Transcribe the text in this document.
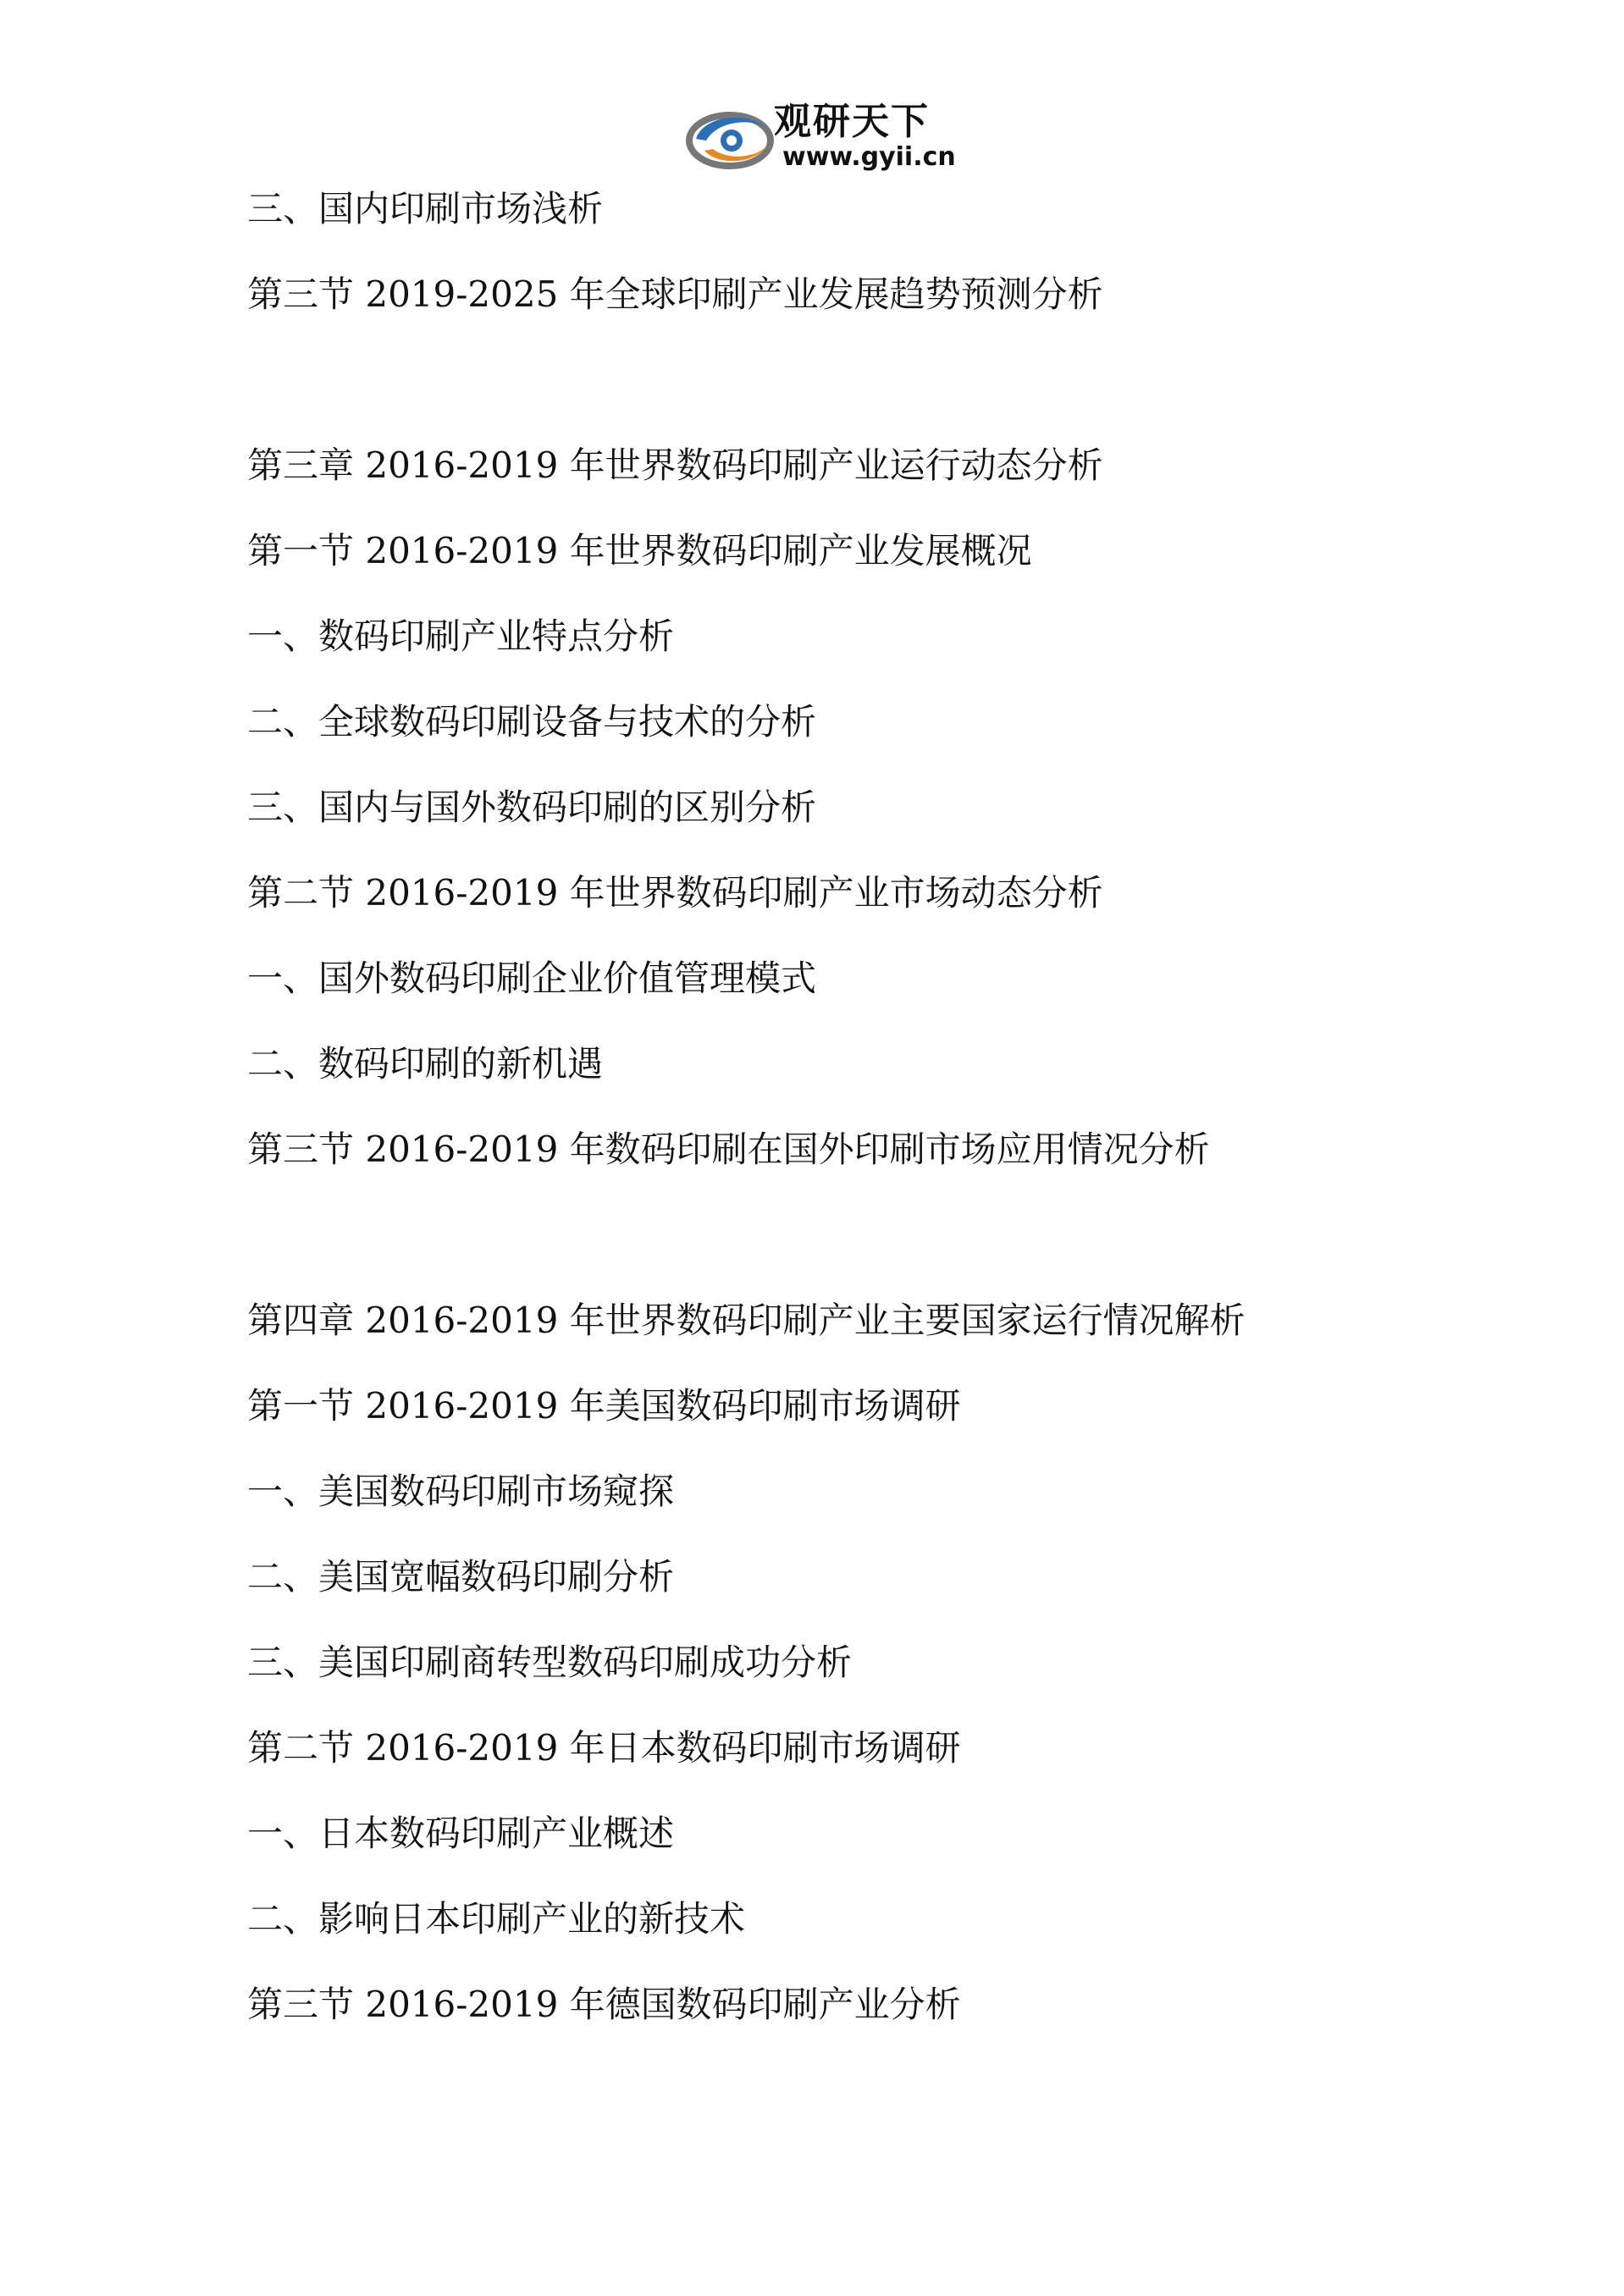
观研天下
www.gyii.cn
三、国内印刷市场浅析
第三节 2019-2025 年全球印刷产业发展趋势预测分析
第三章 2016-2019 年世界数码印刷产业运行动态分析
第一节 2016-2019 年世界数码印刷产业发展概况
一、数码印刷产业特点分析
二、全球数码印刷设备与技术的分析
三、国内与国外数码印刷的区别分析
第二节 2016-2019 年世界数码印刷产业市场动态分析
一、国外数码印刷企业价值管理模式
二、数码印刷的新机遇
第三节 2016-2019 年数码印刷在国外印刷市场应用情况分析
第四章 2016-2019 年世界数码印刷产业主要国家运行情况解析
第一节 2016-2019 年美国数码印刷市场调研
一、美国数码印刷市场窥探
二、美国宽幅数码印刷分析
三、美国印刷商转型数码印刷成功分析
第二节 2016-2019 年日本数码印刷市场调研
一、日本数码印刷产业概述
二、影响日本印刷产业的新技术
第三节 2016-2019 年德国数码印刷产业分析
